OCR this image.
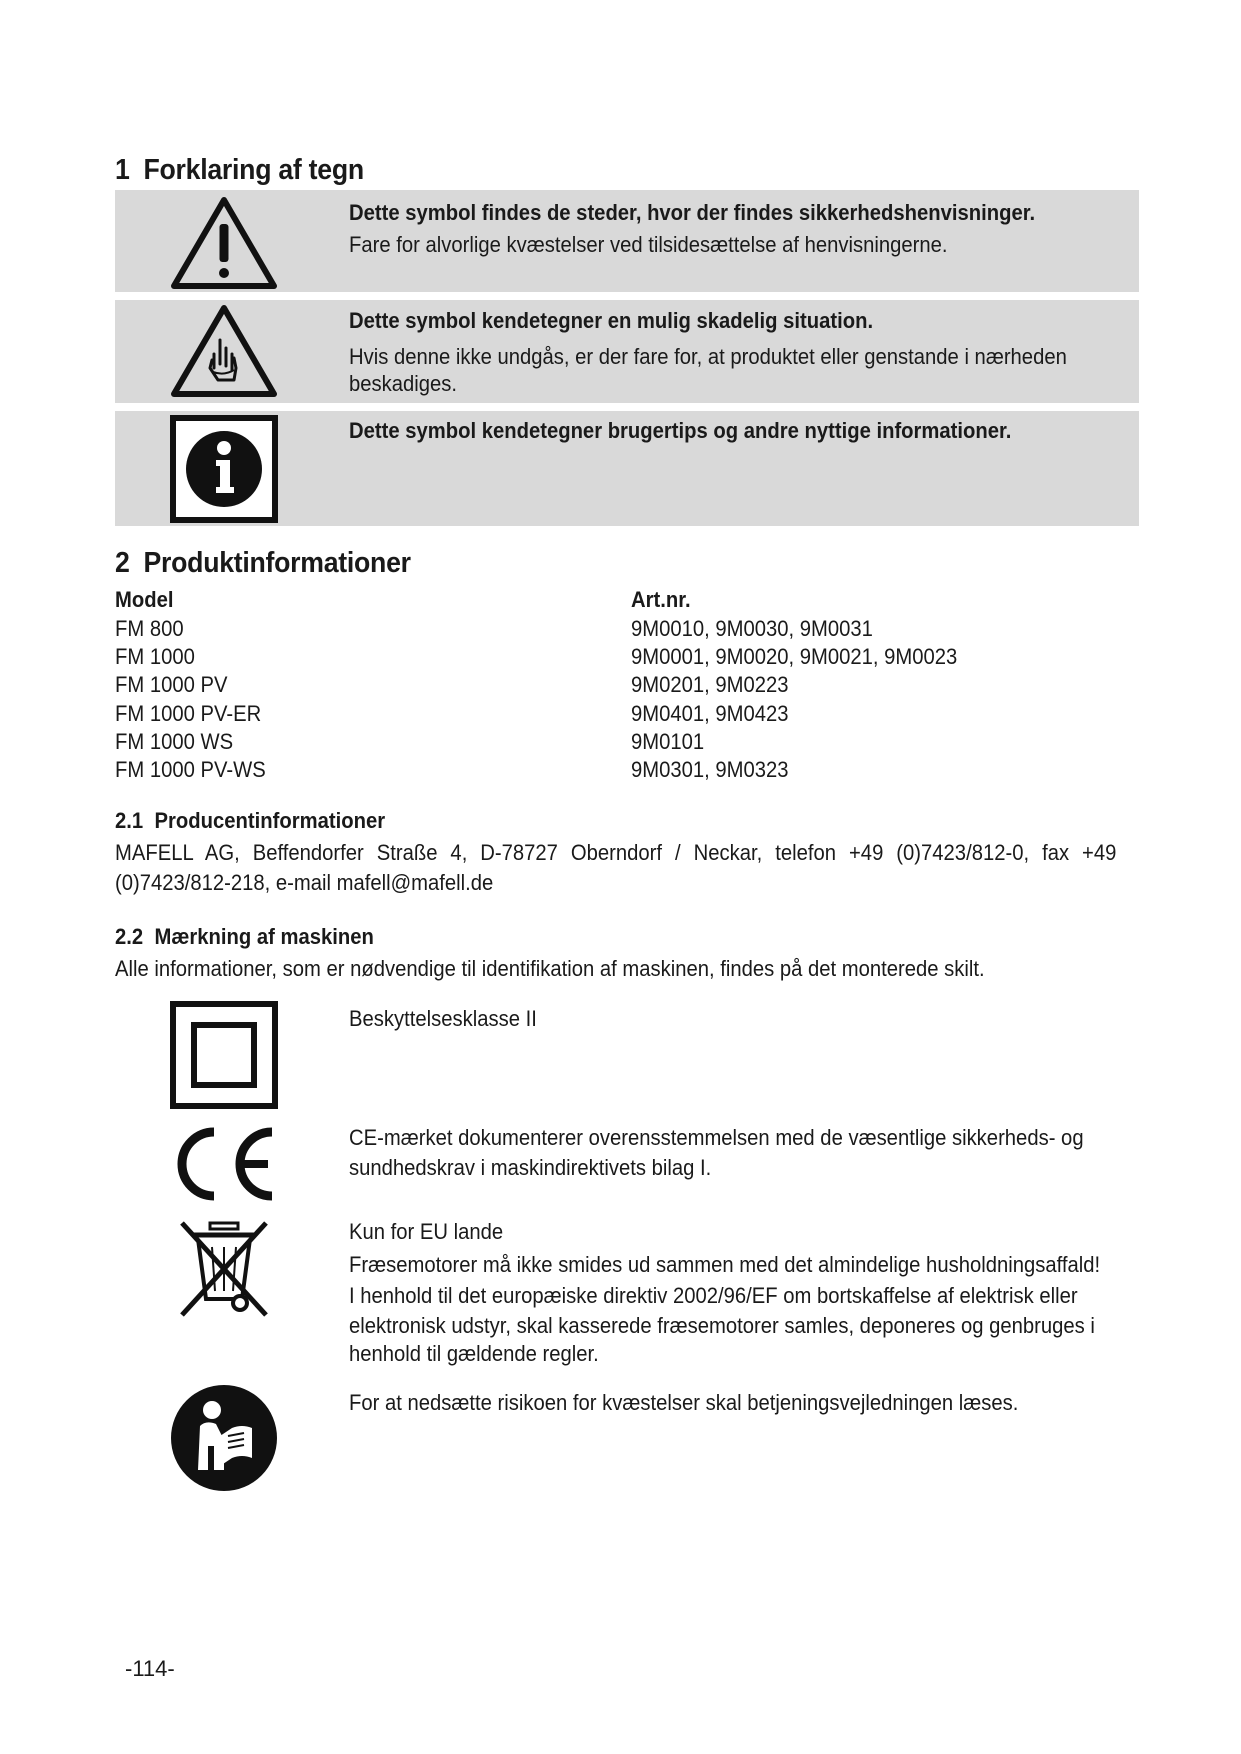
1 Forklaring af tegn
Dette symbol findes de steder, hvor der findes sikkerhedshenvisninger.
Fare for alvorlige kvæstelser ved tilsidesættelse af henvisningerne.
Dette symbol kendetegner en mulig skadelig situation.
Hvis denne ikke undgås, er der fare for, at produktet eller genstande i nærheden
beskadiges.
Dette symbol kendetegner brugertips og andre nyttige informationer.
2 Produktinformationer
Model	Art.nr.
FM 800	9M0010, 9M0030, 9M0031
FM 1000	9M0001, 9M0020, 9M0021, 9M0023
FM 1000 PV	9M0201, 9M0223
FM 1000 PV-ER	9M0401, 9M0423
FM 1000 WS	9M0101
FM 1000 PV-WS	9M0301, 9M0323
2.1 Producentinformationer
MAFELL AG, Beffendorfer Straße 4, D-78727 Oberndorf / Neckar, telefon +49 (0)7423/812-0, fax +49
(0)7423/812-218, e-mail mafell@mafell.de
2.2 Mærkning af maskinen
Alle informationer, som er nødvendige til identifikation af maskinen, findes på det monterede skilt.
Beskyttelsesklasse II
CE-mærket dokumenterer overensstemmelsen med de væsentlige sikkerheds- og
sundhedskrav i maskindirektivets bilag I.
Kun for EU lande
Fræsemotorer må ikke smides ud sammen med det almindelige husholdningsaffald!
I henhold til det europæiske direktiv 2002/96/EF om bortskaffelse af elektrisk eller
elektronisk udstyr, skal kasserede fræsemotorer samles, deponeres og genbruges i
henhold til gældende regler.
For at nedsætte risikoen for kvæstelser skal betjeningsvejledningen læses.
-114-
